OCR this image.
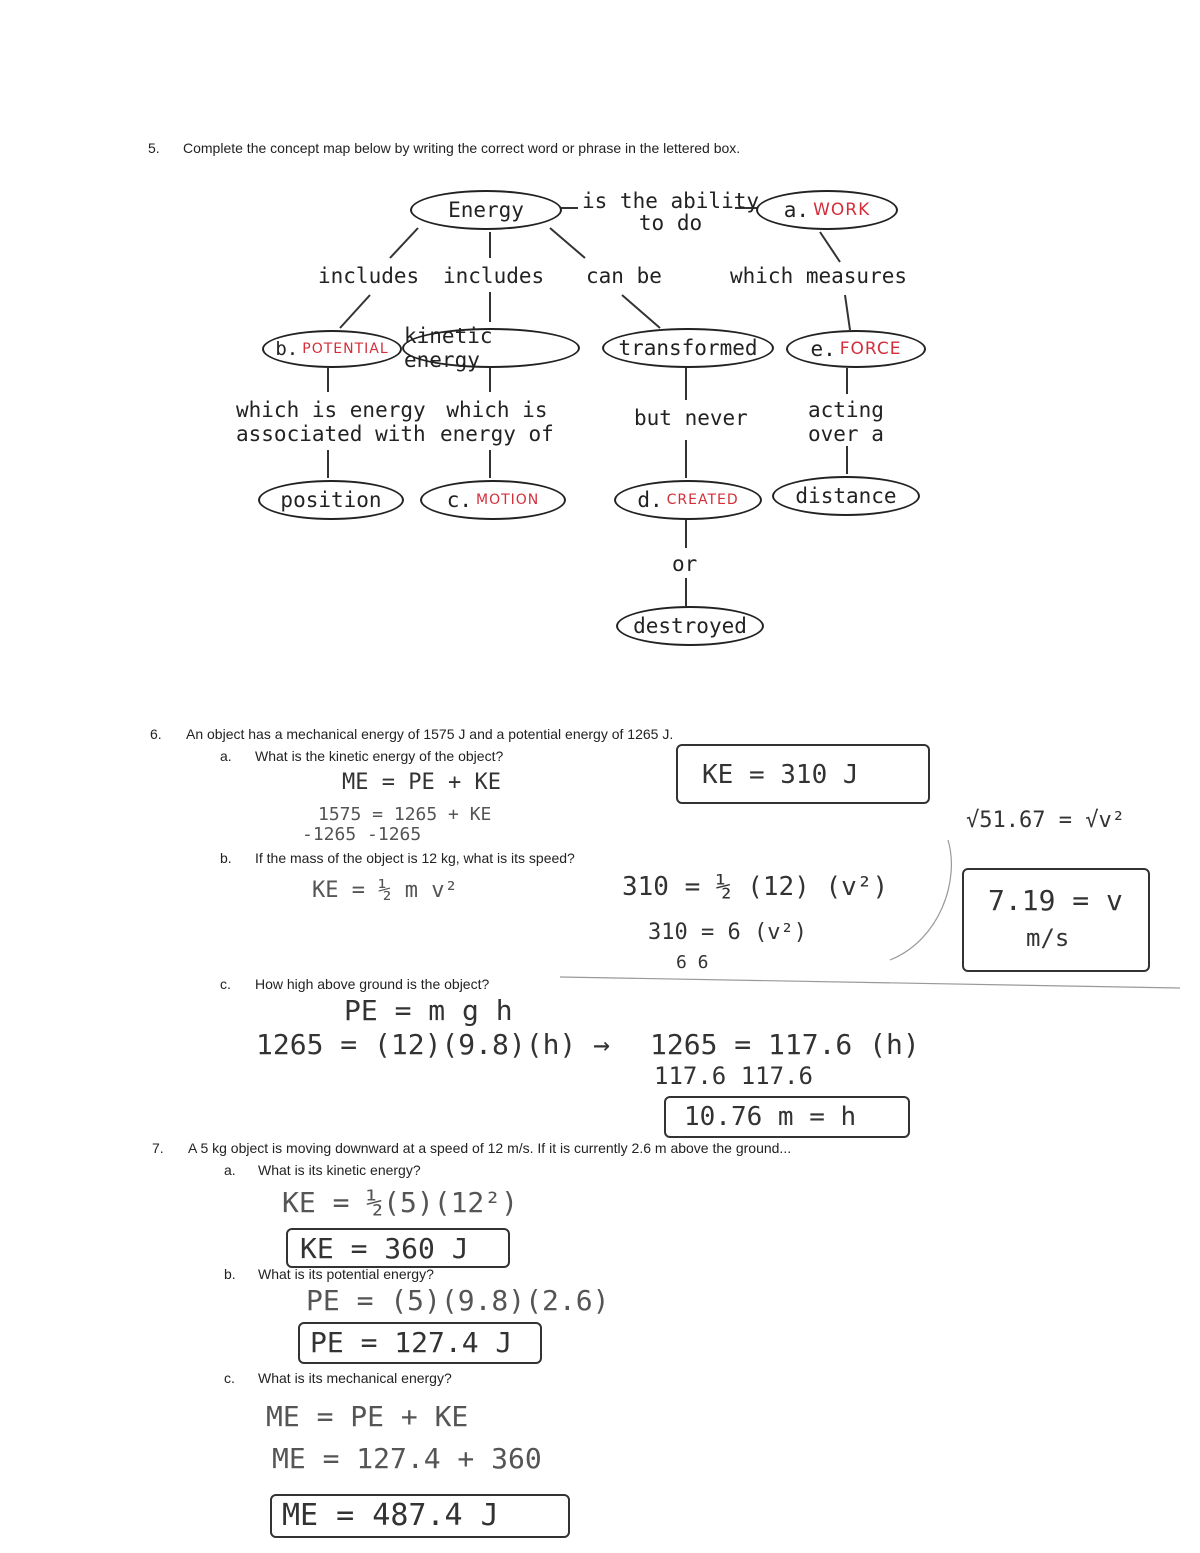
5. Complete the concept map below by writing the correct word or phrase in the lettered box.
Energy	is the ability
to do
a. WORK
includes includes can be	which measures
b. POTENTIAL
kinetic energy	transformed	e. FORCE
which is energy
associated with
which is
energy of
but never	acting
over a
position	c. MOTION	d. CREATED	distance
or
destroyed
6. An object has a mechanical energy of 1575 J and a potential energy of 1265 J.
a. What is the kinetic energy of the object?
ME = PE + KE
1575 = 1265 + KE
-1265 -1265
KE = 310 J
b. If the mass of the object is 12 kg, what is its speed?
KE = ½ m v²	310 = ½ (12) (v²)
310 = 6 (v²)
6 6
√51.67 = √v²
7.19 = v
m/s
c. How high above ground is the object?
PE = m g h
1265 = (12)(9.8)(h) → 1265 = 117.6 (h)
117.6 117.6
10.76 m = h
7. A 5 kg object is moving downward at a speed of 12 m/s. If it is currently 2.6 m above the ground...
a. What is its kinetic energy?
KE = ½(5)(12²)
KE = 360 J
b. What is its potential energy?
PE = (5)(9.8)(2.6)
PE = 127.4 J
c. What is its mechanical energy?
ME = PE + KE
ME = 127.4 + 360
ME = 487.4 J
